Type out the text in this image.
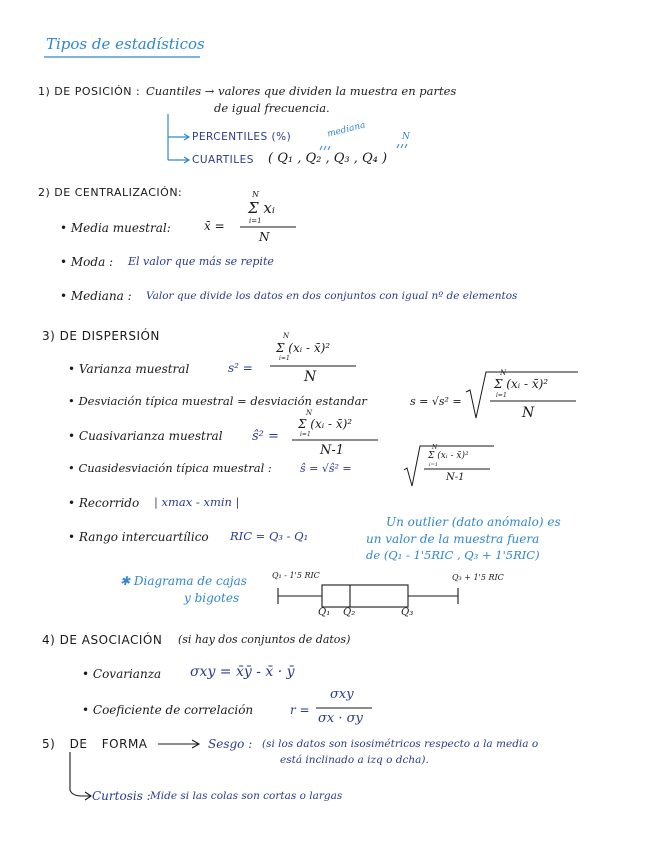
Tipos de estadísticos
1) DE POSICIÓN : Cuantiles → valores que dividen la muestra en partes
de igual frecuencia.
PERCENTILES (%)
CUARTILES ( Q₁ , Q₂ , Q₃ , Q₄ )
mediana	N
2) DE CENTRALIZACIÓN:
• Media muestral:	x̄ =
N
Σ xᵢ
i=1
N
• Moda : El valor que más se repite
• Mediana : Valor que divide los datos en dos conjuntos con igual nº de elementos
3) DE DISPERSIÓN
• Varianza muestral	s² =
N
Σ (xᵢ - x̄)²
i=1
N
• Desviación típica muestral = desviación estandar	s = √s² =
N
Σ (xᵢ - x̄)²
i=1
N
• Cuasivarianza muestral ŝ² =
N
Σ (xᵢ - x̄)²
i=1
N-1
• Cuasidesviación típica muestral :	ŝ = √ŝ² =
N
Σ (xᵢ - x̄)²
i=1
N-1
• Recorrido | xmax - xmin |
• Rango intercuartílico RIC = Q₃ - Q₁
Un outlier (dato anómalo) es
un valor de la muestra fuera
de (Q₁ - 1'5RIC , Q₃ + 1'5RIC)
✱ Diagrama de cajas
y bigotes
Q₁ - 1'5 RIC	Q₃ + 1'5 RIC
Q₁ Q₂	Q₃
4) DE ASOCIACIÓN (si hay dos conjuntos de datos)
• Covarianza σxy = x̄ȳ - x̄ · ȳ
• Coeficiente de correlación	r =
σxy
σx · σy
5) DE FORMA	Sesgo : (si los datos son isosimétricos respecto a la media o
está inclinado a izq o dcha).
Curtosis : Mide si las colas son cortas o largas
